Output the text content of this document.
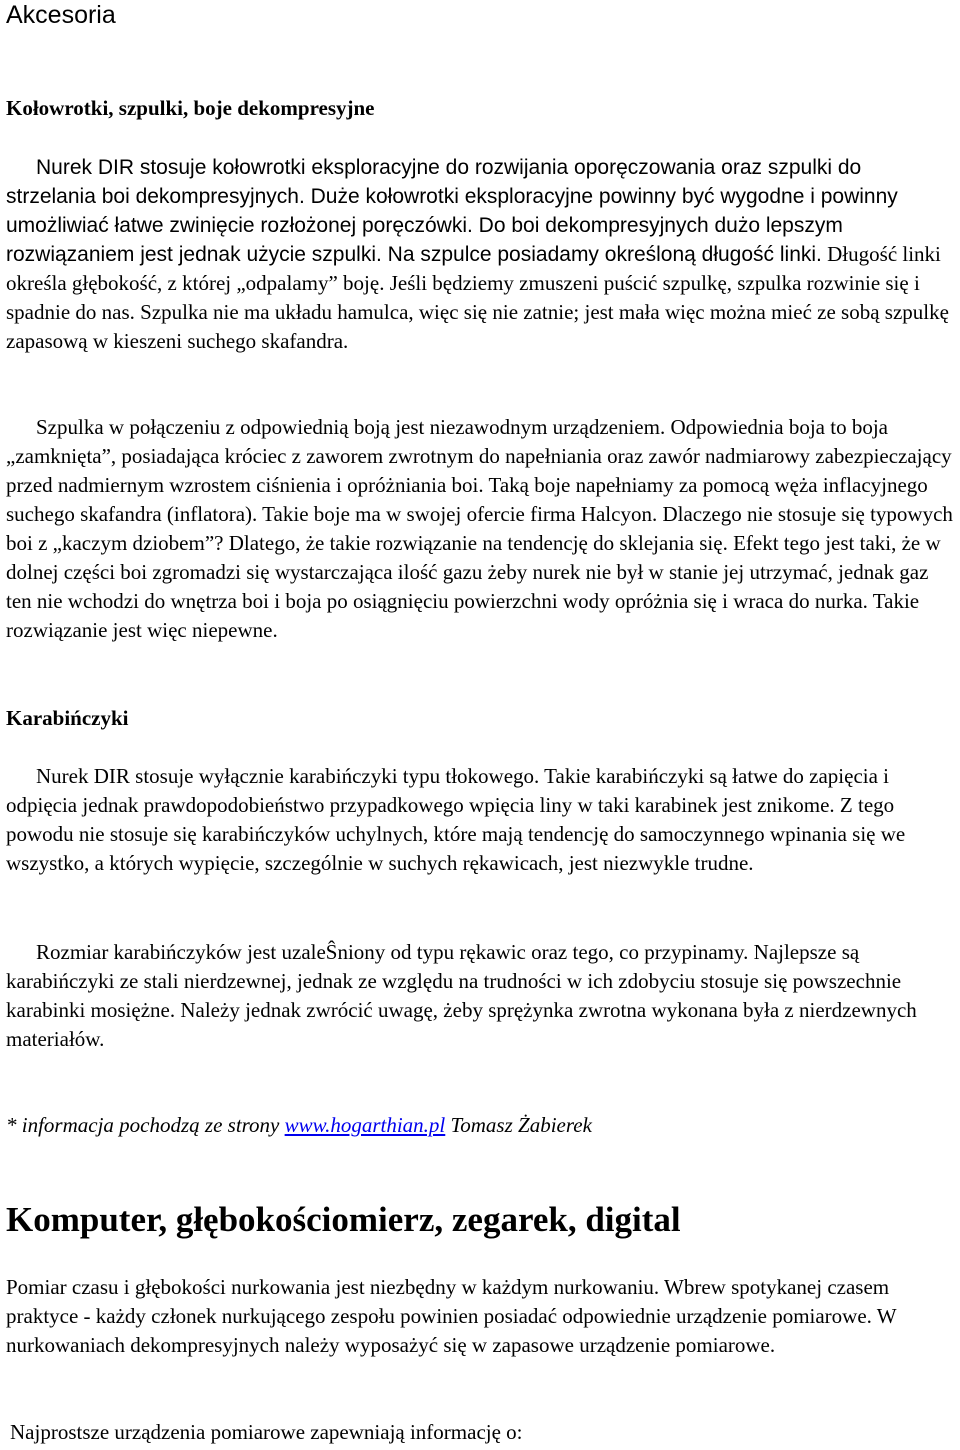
Akcesoria
Kołowrotki, szpulki, boje dekompresyjne

Nurek DIR stosuje kołowrotki eksploracyjne do rozwijania oporęczowania oraz szpulki do strzelania boi dekompresyjnych. Duże kołowrotki eksploracyjne powinny być wygodne i powinny umożliwiać łatwe zwinięcie rozłożonej poręczówki. Do boi dekompresyjnych dużo lepszym rozwiązaniem jest jednak użycie szpulki. Na szpulce posiadamy określoną długość linki. Długość linki określa głębokość, z której „odpalamy” boję. Jeśli będziemy zmuszeni puścić szpulkę, szpulka rozwinie się i spadnie do nas. Szpulka nie ma układu hamulca, więc się nie zatnie; jest mała więc można mieć ze sobą szpulkę zapasową w kieszeni suchego skafandra.

Szpulka w połączeniu z odpowiednią boją jest niezawodnym urządzeniem. Odpowiednia boja to boja „zamknięta”, posiadająca króciec z zaworem zwrotnym do napełniania oraz zawór nadmiarowy zabezpieczający przed nadmiernym wzrostem ciśnienia i opróżniania boi. Taką boje napełniamy za pomocą węża inflacyjnego suchego skafandra (inflatora). Takie boje ma w swojej ofercie firma Halcyon. Dlaczego nie stosuje się typowych boi z „kaczym dziobem”? Dlatego, że takie rozwiązanie na tendencję do sklejania się. Efekt tego jest taki, że w dolnej części boi zgromadzi się wystarczająca ilość gazu żeby nurek nie był w stanie jej utrzymać, jednak gaz ten nie wchodzi do wnętrza boi i boja po osiągnięciu powierzchni wody opróżnia się i wraca do nurka. Takie rozwiązanie jest więc niepewne.

Karabińczyki

Nurek DIR stosuje wyłącznie karabińczyki typu tłokowego. Takie karabińczyki są łatwe do zapięcia i odpięcia jednak prawdopodobieństwo przypadkowego wpięcia liny w taki karabinek jest znikome. Z tego powodu nie stosuje się karabińczyków uchylnych, które mają tendencję do samoczynnego wpinania się we wszystko, a których wypięcie, szczególnie w suchych rękawicach, jest niezwykle trudne.

Rozmiar karabińczyków jest uzaleŜniony od typu rękawic oraz tego, co przypinamy. Najlepsze są karabińczyki ze stali nierdzewnej, jednak ze względu na trudności w ich zdobyciu stosuje się powszechnie karabinki mosiężne. Należy jednak zwrócić uwagę, żeby sprężynka zwrotna wykonana była z nierdzewnych materiałów.

* informacja pochodzą ze strony www.hogarthian.pl Tomasz Żabierek

Komputer, głębokościomierz, zegarek, digital

Pomiar czasu i głębokości nurkowania jest niezbędny w każdym nurkowaniu. Wbrew spotykanej czasem praktyce - każdy członek nurkującego zespołu powinien posiadać odpowiednie urządzenie pomiarowe. W nurkowaniach dekompresyjnych należy wyposażyć się w zapasowe urządzenie pomiarowe.

Najprostsze urządzenia pomiarowe zapewniają informację o:
